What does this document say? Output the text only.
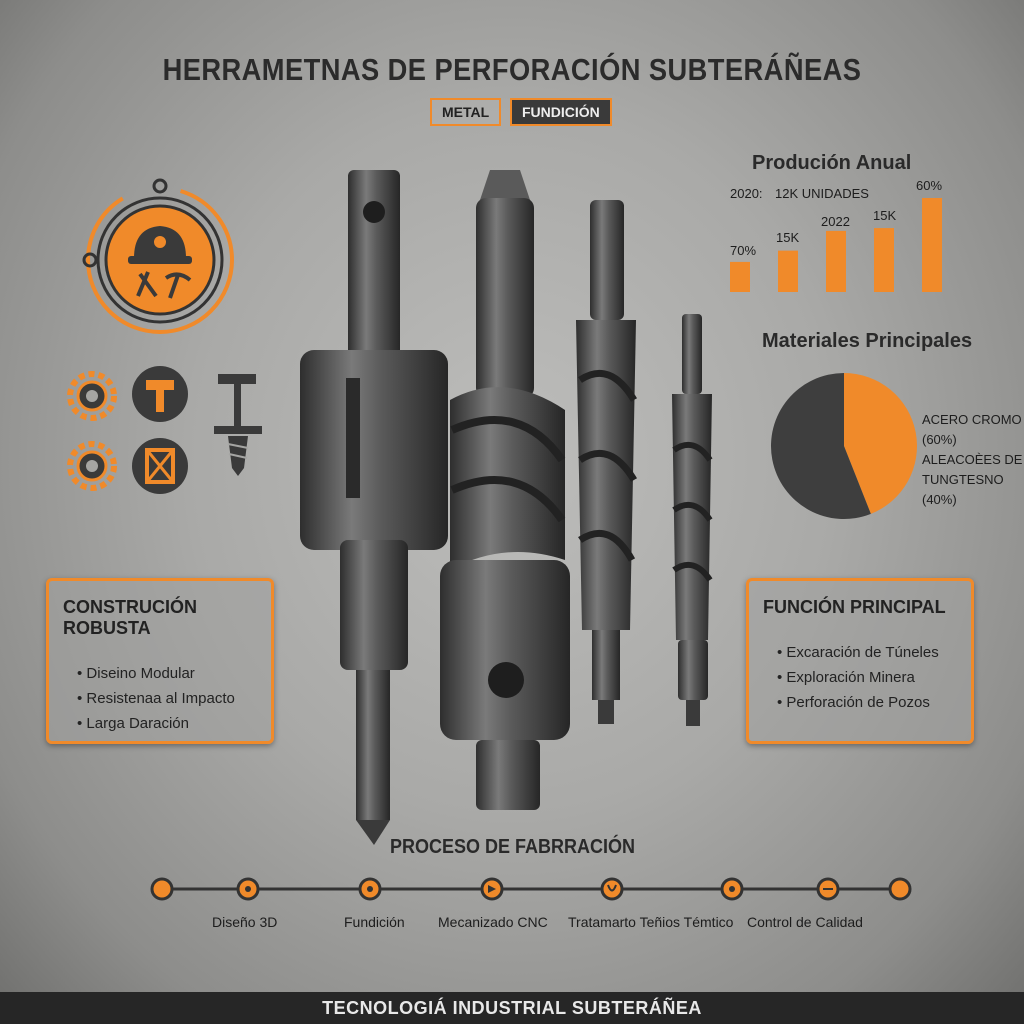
HERRAMETNAS DE PERFORACIÓN SUBTERÁÑEAS
METAL	FUNDICIÓN
Produción Anual
2020: 12K UNIDADES
70%
15K
2022 15K
60%
Materiales Principales
ACERO CROMO
(60%)
ALEACOЀES DE
TUNGTESNO
(40%)
CONSTRUCIÓN ROBUSTA
• Diseino Modular
• Resistenaa al Impacto
• Larga Daración
FUNCIÓN PRINCIPAL
• Excaración de Túneles
• Exploración Minera
• Perforación de Pozos
PROCESO DE FABRRACIÓN
Diseño 3D	Fundición Mecanizado CNC Tratamarto Teñios Témtico Control de Calidad
TECNOLOGIÁ INDUSTRIAL SUBTERÁÑEA
